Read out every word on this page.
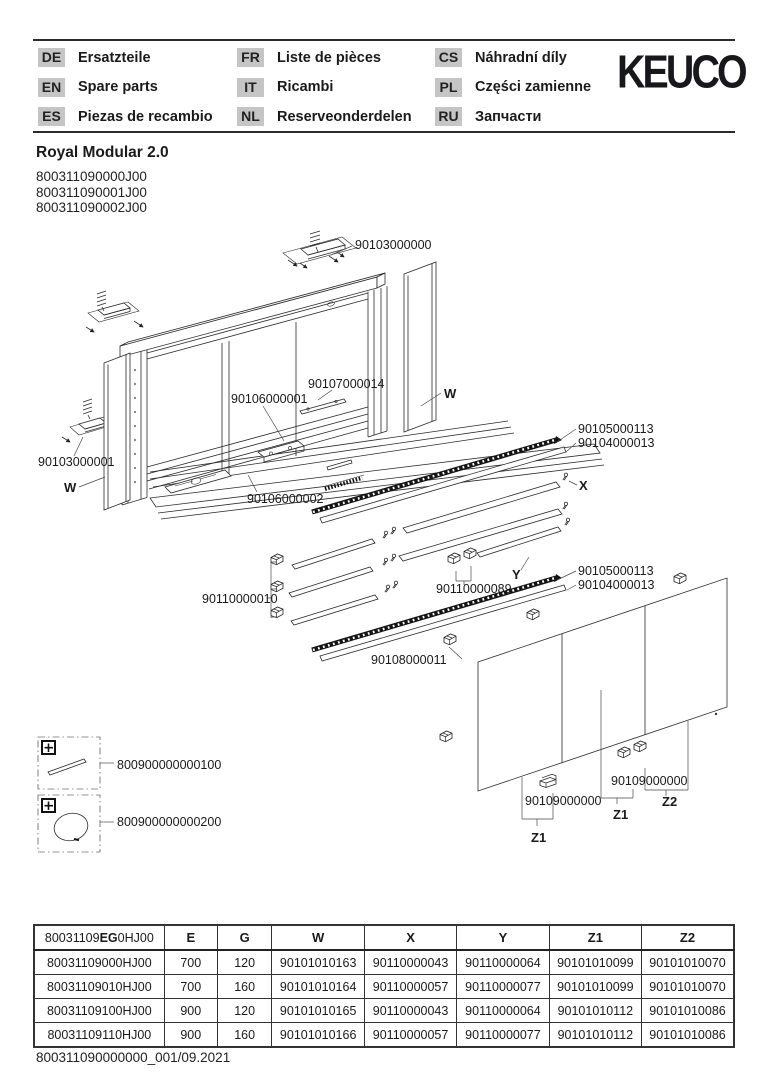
DE Ersatzteile
EN Spare parts
ES Piezas de recambio
FR Liste de pièces
IT	Ricambi
NL Reserveonderdelen
CS Náhradní díly
PL	Części zamienne
RU Запчасти
KEUCO
Royal Modular 2.0
800311090000J00
800311090001J00
800311090002J00
90103000000
90103000001
W
90106000001
90107000014
W
90106000002
90105000113
90104000013
X
90110000010
90110000089
Y	90105000113
90104000013
90108000011
90109000000
Z1
90109000000
Z1
Z2
800900000000100
800900000000200
80031109EG0HJ00	E	G	W	X	Y	Z1	Z2
80031109000HJ00	700	120	90101010163	90110000043	90110000064	90101010099	90101010070
80031109010HJ00	700	160	90101010164	90110000057	90110000077	90101010099	90101010070
80031109100HJ00	900	120	90101010165	90110000043	90110000064	90101010112	90101010086
80031109110HJ00	900	160	90101010166	90110000057	90110000077	90101010112	90101010086
800311090000000_001/09.2021
